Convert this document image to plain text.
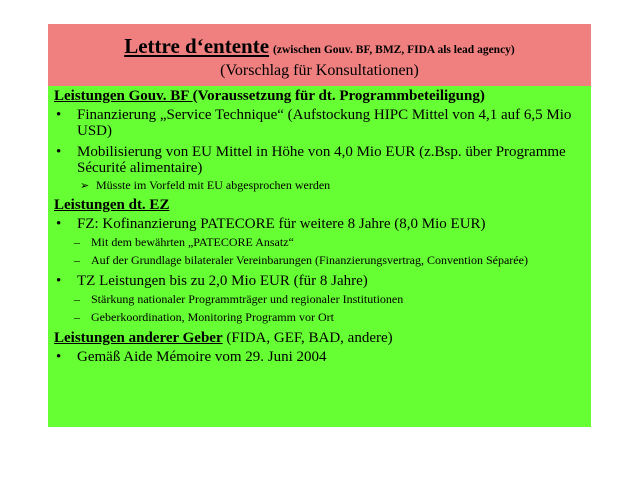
Lettre d‘entente (zwischen Gouv. BF, BMZ, FIDA als lead agency)
(Vorschlag für Konsultationen)
Leistungen Gouv. BF (Voraussetzung für dt. Programmbeteiligung)
• Finanzierung „Service Technique“ (Aufstockung HIPC Mittel von 4,1 auf 6,5 Mio USD)
• Mobilisierung von EU Mittel in Höhe von 4,0 Mio EUR (z.Bsp. über Programme Sécurité alimentaire)
➢ Müsste im Vorfeld mit EU abgesprochen werden
Leistungen dt. EZ
• FZ: Kofinanzierung PATECORE für weitere 8 Jahre (8,0 Mio EUR)
– Mit dem bewährten „PATECORE Ansatz“
– Auf der Grundlage bilateraler Vereinbarungen (Finanzierungsvertrag, Convention Séparée)
• TZ Leistungen bis zu 2,0 Mio EUR (für 8 Jahre)
– Stärkung nationaler Programmträger und regionaler Institutionen
– Geberkoordination, Monitoring Programm vor Ort
Leistungen anderer Geber (FIDA, GEF, BAD, andere)
• Gemäß Aide Mémoire vom 29. Juni 2004
